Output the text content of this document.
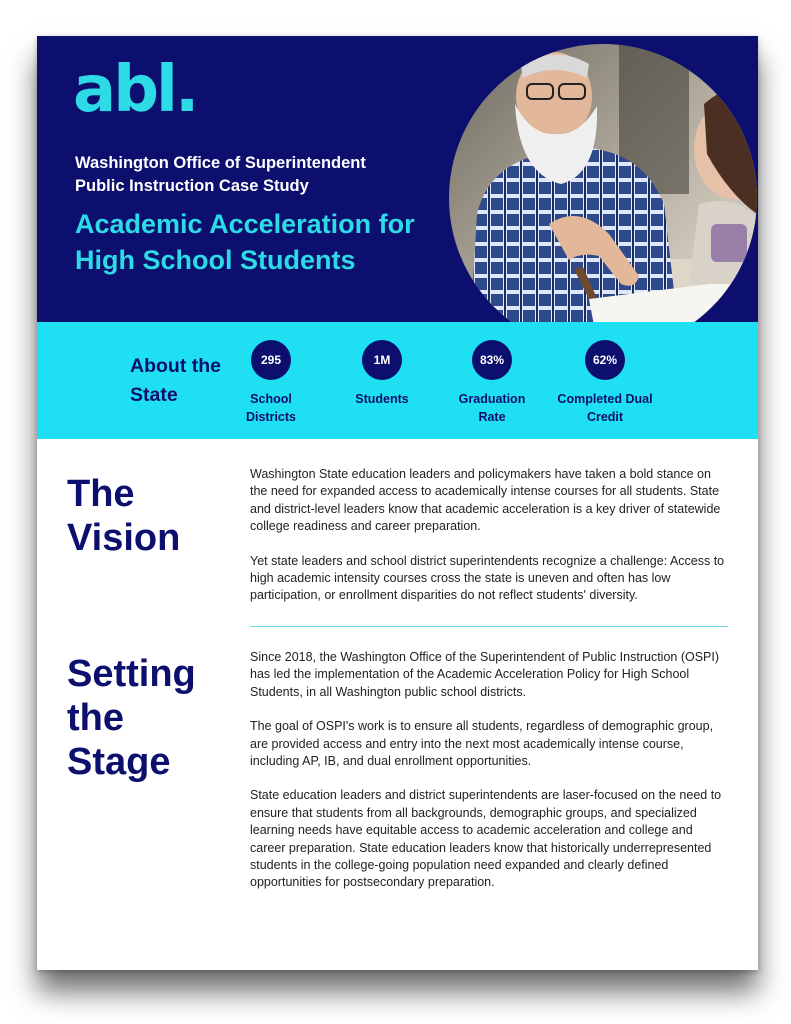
abl.
Washington Office of Superintendent
Public Instruction Case Study
Academic Acceleration for
High School Students
About the
State
295
School
Districts
1M
Students
83%
Graduation
Rate
62%
Completed Dual
Credit
The
Vision

Washington State education leaders and policymakers have taken a bold stance on the need for expanded access to academically intense courses for all students. State and district-level leaders know that academic acceleration is a key driver of statewide college readiness and career preparation.

Yet state leaders and school district superintendents recognize a challenge: Access to high academic intensity courses cross the state is uneven and often has low participation, or enrollment disparities do not reflect students' diversity.

Setting
the
Stage

Since 2018, the Washington Office of the Superintendent of Public Instruction (OSPI) has led the implementation of the Academic Acceleration Policy for High School Students, in all Washington public school districts.

The goal of OSPI's work is to ensure all students, regardless of demographic group, are provided access and entry into the next most academically intense course, including AP, IB, and dual enrollment opportunities.

State education leaders and district superintendents are laser-focused on the need to ensure that students from all backgrounds, demographic groups, and specialized learning needs have equitable access to academic acceleration and college and career preparation. State education leaders know that historically underrepresented students in the college-going population need expanded and clearly defined opportunities for postsecondary preparation.
